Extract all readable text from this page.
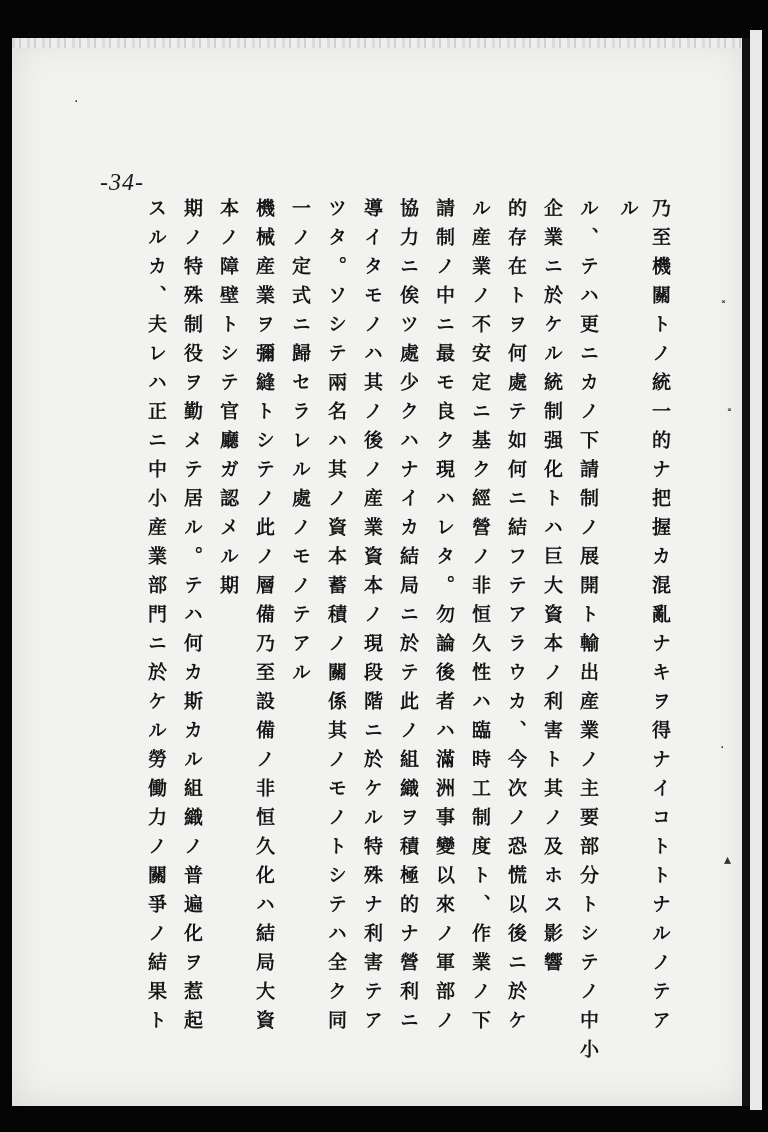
-34-
乃至機關トノ統一的ナ把握カ混亂ナキヲ得ナイコトトナルノテア
ル
ル、テハ更ニカノ下請制ノ展開ト輸出産業ノ主要部分トシテノ中小
企業ニ於ケル統制强化トハ巨大資本ノ利害ト其ノ及ホス影響
的存在トヲ何處テ如何ニ結フテアラウカ、今次ノ恐慌以後ニ於ケ
ル産業ノ不安定ニ基ク經營ノ非恒久性ハ臨時工制度ト、作業ノ下
請制ノ中ニ最モ良ク現ハレタ。勿論後者ハ滿洲事變以來ノ軍部ノ
協力ニ俟ツ處少クハナイカ結局ニ於テ此ノ組織ヲ積極的ナ營利ニ
導イタモノハ其ノ後ノ産業資本ノ現段階ニ於ケル特殊ナ利害テア
ツタ。ソシテ兩名ハ其ノ資本蓄積ノ關係其ノモノトシテハ全ク同
一ノ定式ニ歸セラレル處ノモノテアル
機械産業ヲ彌縫トシテノ此ノ層備乃至設備ノ非恒久化ハ結局大資
本ノ障壁トシテ官廳ガ認メル期
期ノ特殊制役ヲ勤メテ居ル。テハ何カ斯カル組織ノ普遍化ヲ惹起
スルカ、夫レハ正ニ中小産業部門ニ於ケル勞働力ノ關爭ノ結果ト	˟
˟
·
▴
·
